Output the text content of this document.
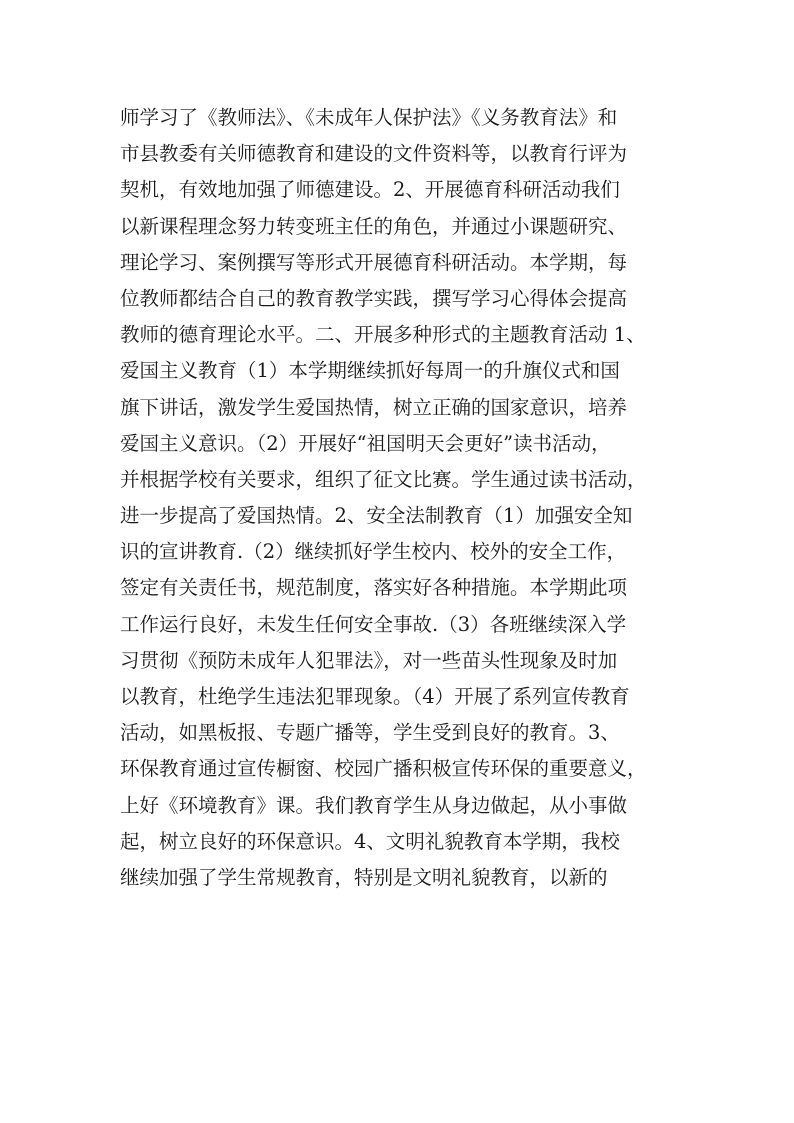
师学习了《教师法》、《未成年人保护法》《义务教育法》和
市县教委有关师德教育和建设的文件资料等，以教育行评为
契机，有效地加强了师德建设。2、开展德育科研活动我们
以新课程理念努力转变班主任的角色，并通过小课题研究、
理论学习、案例撰写等形式开展德育科研活动。本学期，每
位教师都结合自己的教育教学实践，撰写学习心得体会提高
教师的德育理论水平。二、开展多种形式的主题教育活动 1、
爱国主义教育（1）本学期继续抓好每周一的升旗仪式和国
旗下讲话，激发学生爱国热情，树立正确的国家意识，培养
爱国主义意识。（2）开展好“祖国明天会更好”读书活动，
并根据学校有关要求，组织了征文比赛。学生通过读书活动，
进一步提高了爱国热情。2、安全法制教育（1）加强安全知
识的宣讲教育.（2）继续抓好学生校内、校外的安全工作，
签定有关责任书，规范制度，落实好各种措施。本学期此项
工作运行良好，未发生任何安全事故.（3）各班继续深入学
习贯彻《预防未成年人犯罪法》，对一些苗头性现象及时加
以教育，杜绝学生违法犯罪现象。（4）开展了系列宣传教育
活动，如黑板报、专题广播等，学生受到良好的教育。3、
环保教育通过宣传橱窗、校园广播积极宣传环保的重要意义，
上好《环境教育》课。我们教育学生从身边做起，从小事做
起，树立良好的环保意识。4、文明礼貌教育本学期，我校
继续加强了学生常规教育，特别是文明礼貌教育，以新的
